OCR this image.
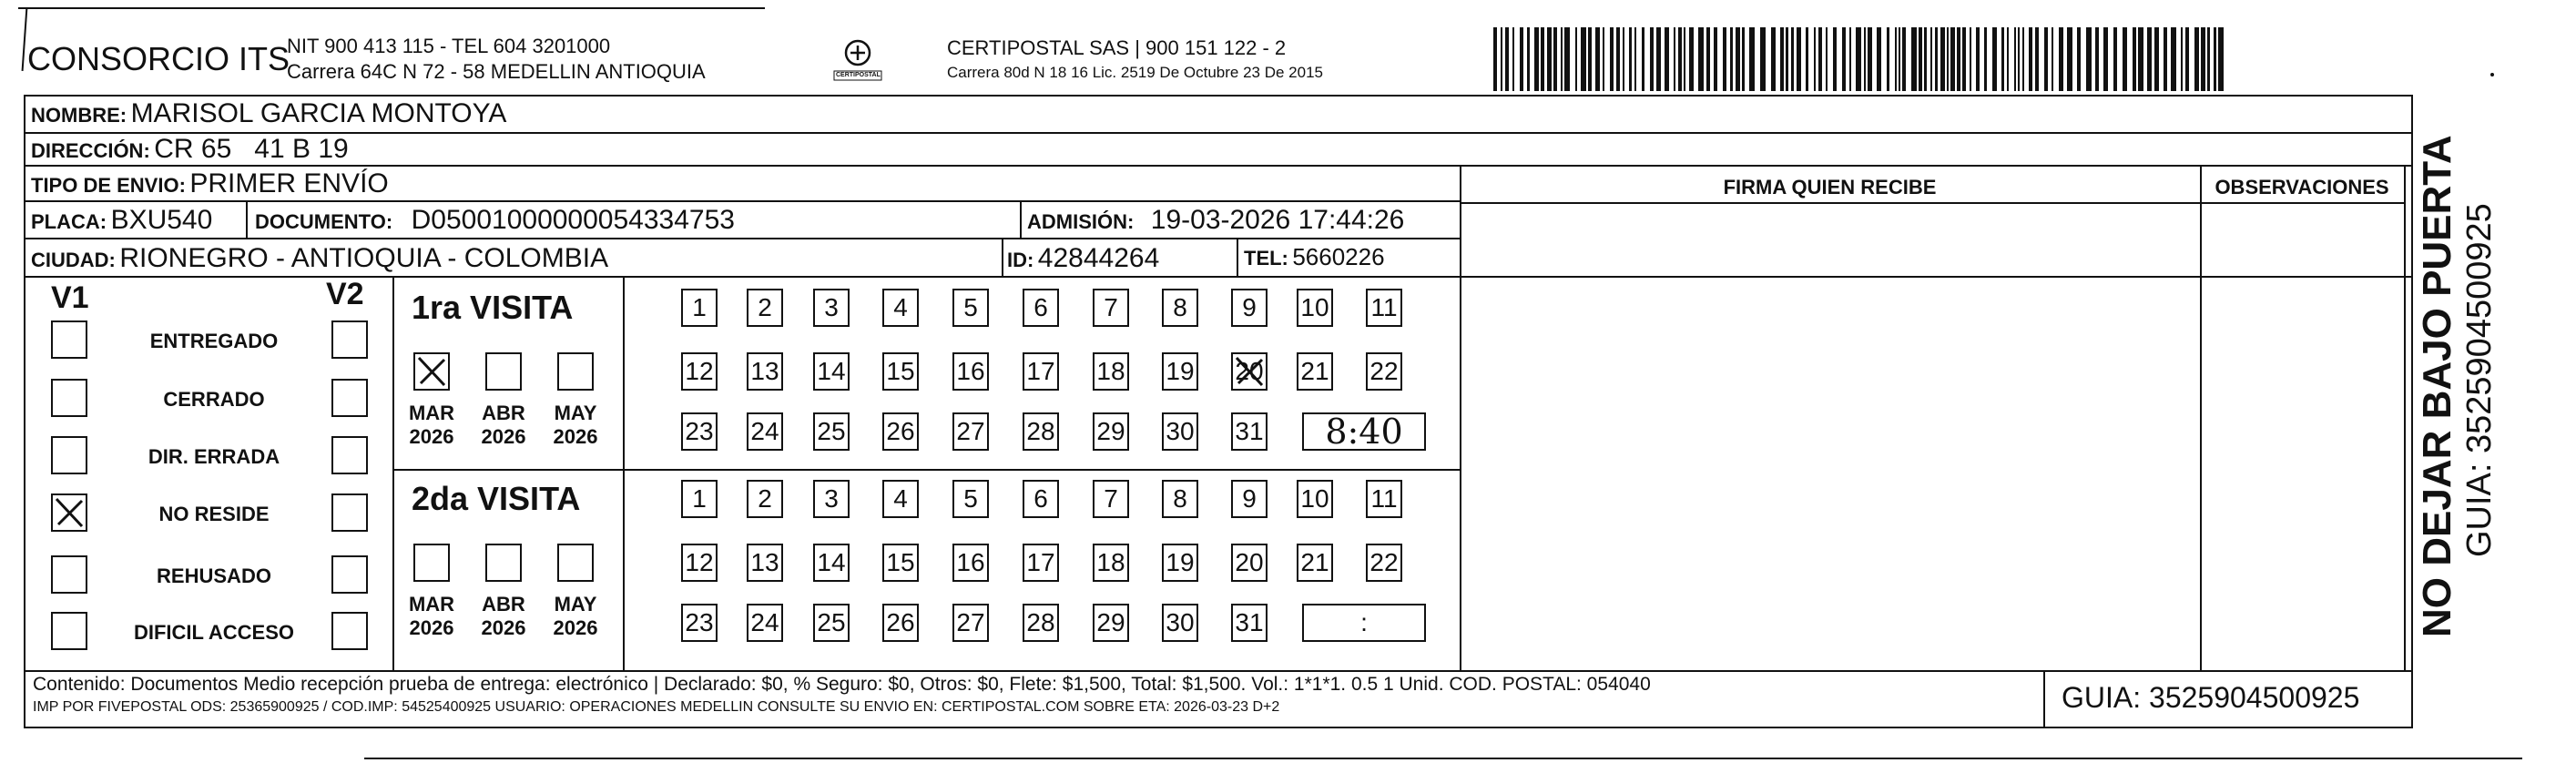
CONSORCIO ITS
NIT 900 413 115 - TEL 604 3201000
Carrera 64C N 72 - 58 MEDELLIN ANTIOQUIA	CERTIPOSTAL
CERTIPOSTAL SAS | 900 151 122 - 2
Carrera 80d N 18 16 Lic. 2519 De Octubre 23 De 2015
NOMBRE: MARISOL GARCIA MONTOYA
DIRECCIÓN: CR 65   41 B 19
TIPO DE ENVIO: PRIMER ENVÍO
PLACA: BXU540 DOCUMENTO: D05001000000054334753	ADMISIÓN: 19-03-2026 17:44:26
CIUDAD: RIONEGRO - ANTIOQUIA - COLOMBIA	ID: 42844264	TEL: 5660226
FIRMA QUIEN RECIBE	OBSERVACIONES
V1	V2
ENTREGADO
CERRADO
DIR. ERRADA
NO RESIDE
REHUSADO
DIFICIL ACCESO
1ra VISITA
MAR
2026
ABR
2026
MAY
2026
1	2	3	4	5	6	7	8	9	10 11
12 13 14 15 16 17 18 19 20 21 22
23 24 25 26 27 28 29 30 31	8:40
2da VISITA
MAR
2026
ABR
2026
MAY
2026
1	2	3	4	5	6	7	8	9	10 11
12 13 14 15 16 17 18 19 20 21 22
23 24 25 26 27 28 29 30 31	:
Contenido: Documentos Medio recepción prueba de entrega: electrónico | Declarado: $0, % Seguro: $0, Otros: $0, Flete: $1,500, Total: $1,500. Vol.: 1*1*1. 0.5 1 Unid. COD. POSTAL: 054040
IMP POR FIVEPOSTAL ODS: 25365900925 / COD.IMP: 54525400925 USUARIO: OPERACIONES MEDELLIN CONSULTE SU ENVIO EN: CERTIPOSTAL.COM SOBRE ETA: 2026-03-23 D+2	GUIA: 3525904500925
NO DEJAR BAJO PUERTA GUIA: 3525904500925
